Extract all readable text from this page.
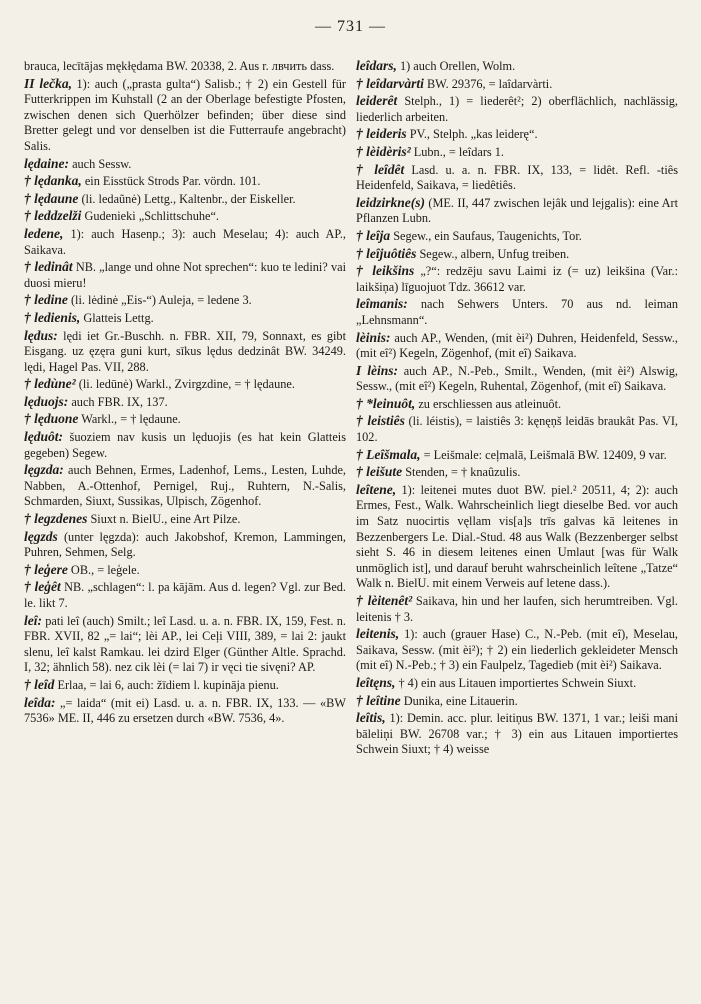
— 731 —

brauca, lecītājas mękłędama BW. 20338, 2. Aus r. лвчить dass.

II lečka, 1): auch („prasta gulta“) Salisb.; † 2) ein Gestell für Futterkrippen im Kuhstall (2 an der Oberlage befestigte Pfosten, zwischen denen sich Querhölzer befinden; über diese sind Bretter gelegt und vor denselben ist die Futterraufe angebracht) Salis.

lędaine: auch Sessw.

† lędanka, ein Eisstück Strods Par. vördn. 101.

† lędaune (li. ledaũnė) Lettg., Kaltenbr., der Eiskeller.

† leddzelži Gudenieki „Schlittschuhe“.

ledene, 1): auch Hasenp.; 3): auch Meselau; 4): auch AP., Saikava.

† ledinât NB. „lange und ohne Not sprechen“: kuo te ledini? vai duosi mieru!

† ledine (li. lėdinė „Eis-“) Auleja, = ledene 3.

† ledienis, Glatteis Lettg.

lędus: lędi iet Gr.-Buschh. n. FBR. XII, 79, Sonnaxt, es gibt Eisgang. uz ęzęra guni kurt, sīkus lędus dedzinât BW. 34249. lędi, Hagel Pas. VII, 288.

† ledùne² (li. ledūnė) Warkl., Zvirgzdine, = † lędaune.

lęduojs: auch FBR. IX, 137.

† lęduone Warkl., = † lędaune.

lęduôt: šuoziem nav kusis un lęduojis (es hat kein Glatteis gegeben) Segew.

lęgzda: auch Behnen, Ermes, Ladenhof, Lems., Lesten, Luhde, Nabben, A.-Ottenhof, Pernigel, Ruj., Ruhtern, N.-Salis, Schmarden, Siuxt, Sussikas, Ulpisch, Zögenhof.

† legzdenes Siuxt n. BielU., eine Art Pilze.

lęgzds (unter lęgzda): auch Jakobshof, Kremon, Lammingen, Puhren, Sehmen, Selg.

† leģere OB., = leģele.

† leģêt NB. „schlagen“: l. pa kājām. Aus d. legen? Vgl. zur Bed. le. likt 7.

leî: pati leî (auch) Smilt.; leî Lasd. u. a. n. FBR. IX, 159, Fest. n. FBR. XVII, 82 „= lai“; lèi AP., lei Ceļi VIII, 389, = lai 2: jaukt slenu, leî kalst Ramkau. lei dzird Elger (Günther Altle. Sprachd. I, 32; ähnlich 58). nez cik lèi (= lai 7) ir vęci tie sivęni? AP.

† leîd Erlaa, = lai 6, auch: žīdiem l. kupināja pienu.

leîda: „= laida“ (mit ei) Lasd. u. a. n. FBR. IX, 133. — «BW 7536» ME. II, 446 zu ersetzen durch «BW. 7536, 4».

leîdars, 1) auch Orellen, Wolm.

† leîdarvàrti BW. 29376, = laîdarvàrti.

leiderêt Stelph., 1) = liederêt²; 2) oberflächlich, nachlässig, liederlich arbeiten.

† leideris PV., Stelph. „kas leiderę“.

† lèidèris² Lubn., = leîdars 1.

† leîdêt Lasd. u. a. n. FBR. IX, 133, = lidêt. Refl. -tiês Heidenfeld, Saikava, = liedêtiês.

leidzirkne(s) (ME. II, 447 zwischen lejâk und lejgalis): eine Art Pflanzen Lubn.

† leîja Segew., ein Saufaus, Taugenichts, Tor.

† leîjuôtiês Segew., albern, Unfug treiben.

† leikšins „?“: redzēju savu Laimi iz (= uz) leikšina (Var.: laikšiņa) līguojuot Tdz. 36612 var.

leîmanis: nach Sehwers Unters. 70 aus nd. leiman „Lehnsmann“.

lèinis: auch AP., Wenden, (mit èi²) Duhren, Heidenfeld, Sessw., (mit eî²) Kegeln, Zögenhof, (mit eî) Saikava.

I lèins: auch AP., N.-Peb., Smilt., Wenden, (mit èi²) Alswig, Sessw., (mit eî²) Kegeln, Ruhental, Zögenhof, (mit eî) Saikava.

† *leinuôt, zu erschliessen aus atleinuôt.

† leistiês (li. léistis), = laistiês 3: kęnęņš leidās braukât Pas. VI, 102.

† Leîšmala, = Leišmale: ceļmalā, Leišmalā BW. 12409, 9 var.

† leišute Stenden, = † knaûzulis.

leîtene, 1): leitenei mutes duot BW. piel.² 20511, 4; 2): auch Ermes, Fest., Walk. Wahrscheinlich liegt dieselbe Bed. vor auch im Satz nuocirtis vęllam vis[a]s trīs galvas kā leitenes in Bezzenbergers Le. Dial.-Stud. 48 aus Walk (Bezzenberger selbst sieht S. 46 in diesem leitenes einen Umlaut [was für Walk unmöglich ist], und darauf beruht wahrscheinlich leîtene „Tatze“ Walk n. BielU. mit einem Verweis auf letene dass.).

† lèitenêt² Saikava, hin und her laufen, sich herumtreiben. Vgl. leitenis † 3.

leitenis, 1): auch (grauer Hase) C., N.-Peb. (mit eî), Meselau, Saikava, Sessw. (mit èi²); † 2) ein liederlich gekleideter Mensch (mit eî) N.-Peb.; † 3) ein Faulpelz, Tagedieb (mit èi²) Saikava.

leîtęns, † 4) ein aus Litauen importiertes Schwein Siuxt.

† leîtine Dunika, eine Litauerin.

leîtis, 1): Demin. acc. plur. leitiņus BW. 1371, 1 var.; leiši mani bāleliņi BW. 26708 var.; † 3) ein aus Litauen importiertes Schwein Siuxt; † 4) weisse
